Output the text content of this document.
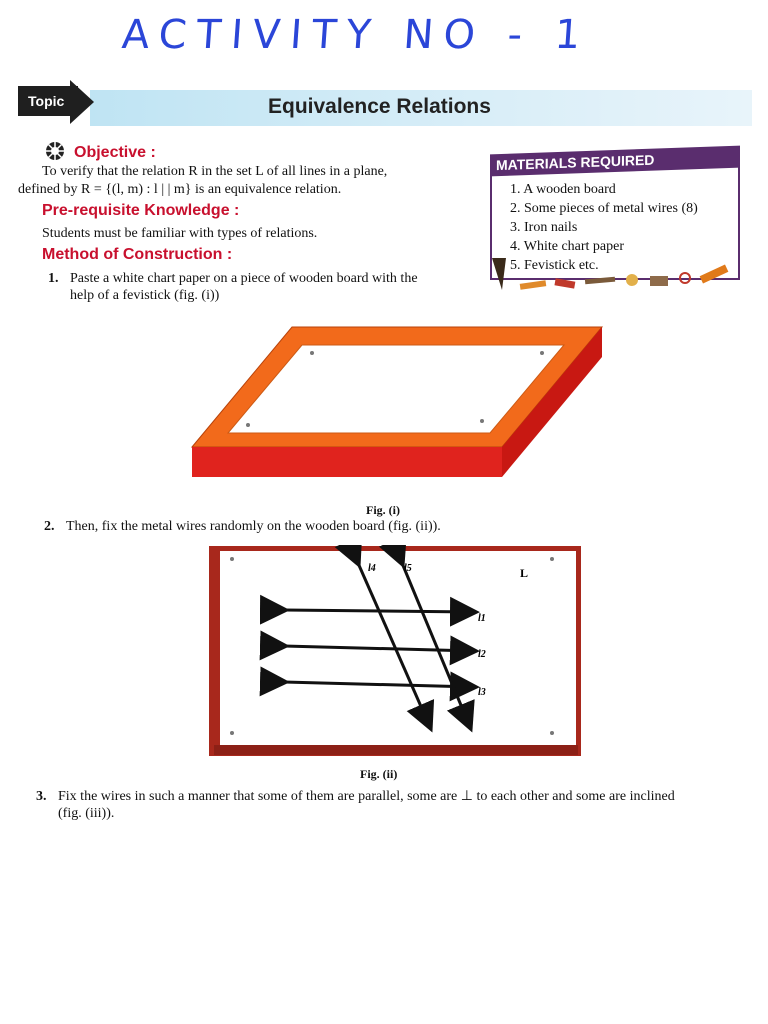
ACTIVITY NO - 1
Topic	Equivalence Relations
Objective :
To verify that the relation R in the set L of all lines in a plane,
defined by R = {(l, m) : l | | m} is an equivalence relation.
Pre-requisite Knowledge :
Students must be familiar with types of relations.
Method of Construction :
1. Paste a white chart paper on a piece of wooden board with the
help of a fevistick (fig. (i))
MATERIALS REQUIRED
1. A wooden board
2. Some pieces of metal wires (8)
3. Iron nails
4. White chart paper
5. Fevistick etc.
Fig. (i)
2. Then, fix the metal wires randomly on the wooden board (fig. (ii)).
l4	l5
l1
l2
l3
L
Fig. (ii)
3. Fix the wires in such a manner that some of them are parallel, some are ⊥ to each other and some are inclined
(fig. (iii)).
